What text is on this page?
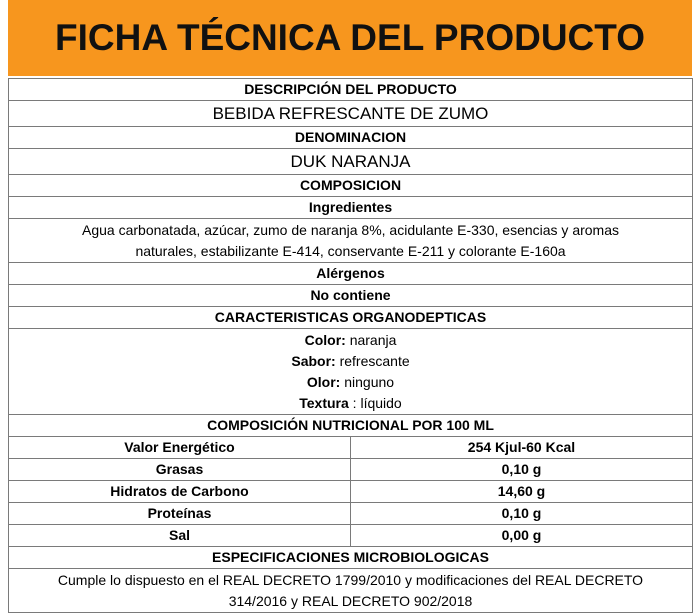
FICHA TÉCNICA DEL PRODUCTO
DESCRIPCIÓN DEL PRODUCTO	
BEBIDA REFRESCANTE DE ZUMO	
DENOMINACION	
DUK NARANJA	
COMPOSICION	
Ingredientes	

Agua carbonatada, azúcar, zumo de naranja 8%, acidulante E-330, esencias y aromas
naturales, estabilizante E-414, conservante E-211 y colorante E-160a	

Alérgenos	
No contiene	
CARACTERISTICAS ORGANODEPTICAS	

Color: naranja
Sabor: refrescante
Olor: ninguno
Textura : líquido	

COMPOSICIÓN NUTRICIONAL POR 100 ML	
Valor Energético	254 Kjul-60 Kcal
Grasas	0,10 g
Hidratos de Carbono	14,60 g
Proteínas	0,10 g
Sal	0,00 g
ESPECIFICACIONES MICROBIOLOGICAS	

Cumple lo dispuesto en el REAL DECRETO 1799/2010 y modificaciones del REAL DECRETO
314/2016 y REAL DECRETO 902/2018	
